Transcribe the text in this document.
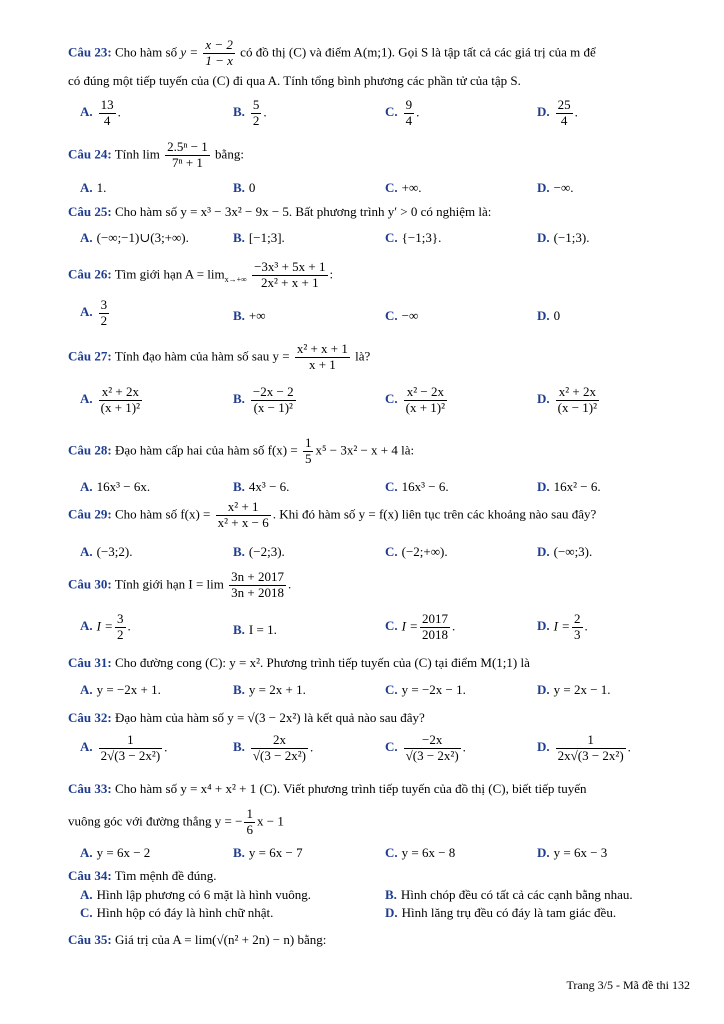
Câu 23: Cho hàm số $y = \frac{x - 2}{1 - x}$ có đồ thị (C) và điểm A(m;1). Gọi S là tập tất cả các giá trị của m để
có đúng một tiếp tuyến của (C) đi qua A. Tính tổng bình phương các phần tử của tập S.
A. $\frac{13}{4}$ .	B. $\frac{5}{2}$ .	C. $\frac{9}{4}$ .	D. $\frac{25}{4}$ .
Câu 24: Tính $\lim \frac{\text{2.5ⁿ − 1}}{\text{7ⁿ + 1}}$ bằng:
A. 1.	B. 0	C. +∞.	D. −∞.
Câu 25: Cho hàm số y = x³ − 3x² − 9x − 5. Bất phương trình y′ > 0 có nghiệm là:
A. (−∞;−1)∪(3;+∞).	B. [−1;3].	C. {−1;3}.	D. (−1;3).
Câu 26: Tìm giới hạn $A = \lim_{x\to+\infty} \frac{\text{−3x³ + 5x + 1}}{\text{2x² + x + 1}}$ :
A. $\frac{3}{2}$	B. +∞	C. −∞	D. 0
Câu 27: Tính đạo hàm của hàm số sau $y = \frac{\text{x² + x + 1}}{x + 1}$ là?
A. $\frac{\text{x² + 2x}}{\text{(x + 1)²}}$	B. $\frac{-2x - 2}{\text{(x − 1)²}}$	C. $\frac{\text{x² − 2x}}{\text{(x + 1)²}}$	D. $\frac{\text{x² + 2x}}{\text{(x − 1)²}}$
Câu 28: Đạo hàm cấp hai của hàm số $f(x) = \frac{1}{5} x^5 - 3x^2 - x + 4$ là:
A. 16x³ − 6x.	B. 4x³ − 6.	C. 16x³ − 6.	D. 16x² − 6.
Câu 29: Cho hàm số $f(x) = \frac{\text{x² + 1}}{\text{x² + x − 6}}$ . Khi đó hàm số y = f(x) liên tục trên các khoảng nào sau đây?
A. (−3;2).	B. (−2;3).	C. (−2;+∞).	D. (−∞;3).
Câu 30: Tính giới hạn $I = \lim \frac{3n + 2017}{3n + 2018}$ .
A. $I = \frac{3}{2}$ .	B. I = 1.	C. $I = \frac{2017}{2018}$ .	D. $I = \frac{2}{3}$ .
Câu 31: Cho đường cong (C): y = x². Phương trình tiếp tuyến của (C) tại điểm M(1;1) là
A. y = −2x + 1.	B. y = 2x + 1.	C. y = −2x − 1.	D. y = 2x − 1.
Câu 32: Đạo hàm của hàm số y = √(3 − 2x²) là kết quả nào sau đây?
A. $\frac{1}{\text{2√(3 − 2x²)}}$ .	B. $\frac{2x}{\text{√(3 − 2x²)}}$ .	C. $\frac{-2x}{\text{√(3 − 2x²)}}$ .	D. $\frac{1}{\text{2x√(3 − 2x²)}}$ .
Câu 33: Cho hàm số y = x⁴ + x² + 1 (C). Viết phương trình tiếp tuyến của đồ thị (C), biết tiếp tuyến
vuông góc với đường thẳng y = − $\frac{1}{6}$ x − 1
A. y = 6x − 2	B. y = 6x − 7	C. y = 6x − 8	D. y = 6x − 3
Câu 34: Tìm mệnh đề đúng.
A. Hình lập phương có 6 mặt là hình vuông.	B. Hình chóp đều có tất cả các cạnh bằng nhau.
C. Hình hộp có đáy là hình chữ nhật.	D. Hình lăng trụ đều có đáy là tam giác đều.
Câu 35: Giá trị của A = lim(√(n² + 2n) − n) bằng:
Trang 3/5 - Mã đề thi 132
